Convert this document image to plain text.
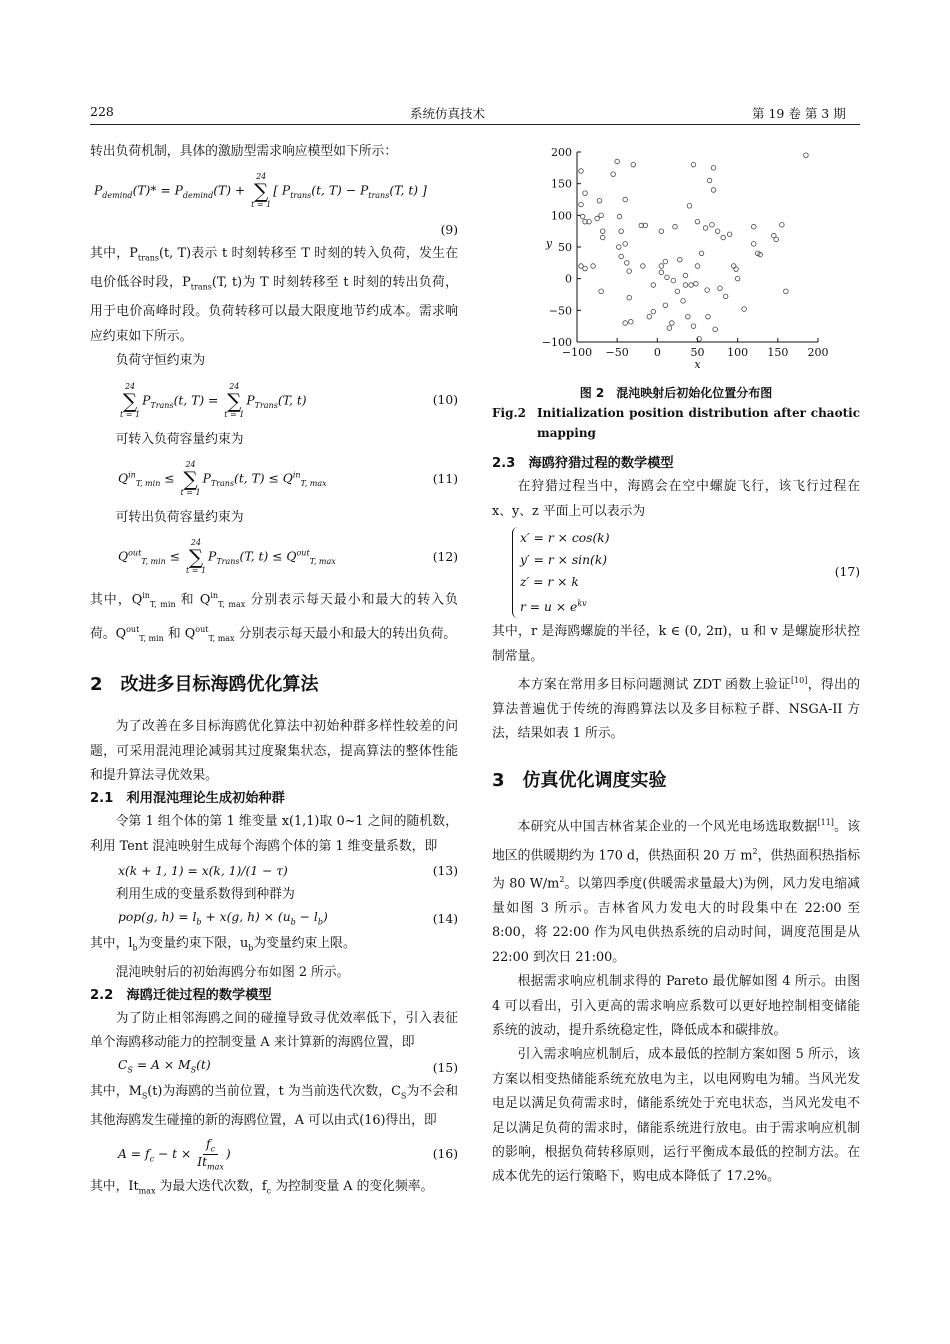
228	系统仿真技术	第 19 卷 第 3 期

转出负荷机制，具体的激励型需求响应模型如下所示：

$P_{demind}(T)* = P_{demind}(T)$ +
24
∑
t = 1
[ $P_{trans}(t$, $T) - P_{trans}(T$, t) ]
(9)

其中，$P_{trans}(t$, T)表示 t 时刻转移至 T 时刻的转入负荷，发生在电价低谷时段，$P_{trans}(T$, t)为 T 时刻转移至 t 时刻的转出负荷，用于电价高峰时段。负荷转移可以最大限度地节约成本。需求响应约束如下所示。

负荷守恒约束为

24
∑
t = 1
$P_{Trans}(t$, T) =
24
∑
t = 1
$P_{Trans}(T$, t)	(10)

可转入负荷容量约束为

$Q^{in}_{T, min}$ ≤
24
∑
t = 1
$P_{Trans}(t$, $T) \le Q^{in}_{T, max}$	(11)

可转出负荷容量约束为

$Q^{out}_{T, min}$ ≤
24
∑
t = 1
$P_{Trans}(T$, $t) \le Q^{out}_{T, max}$	(12)

其中，$Q^{in}_{T, min}$ 和 $Q^{in}_{T, max}$ 分别表示每天最小和最大的转入负荷。$Q^{out}_{T, min}$ 和 $Q^{out}_{T, max}$ 分别表示每天最小和最大的转出负荷。

2　改进多目标海鸥优化算法

为了改善在多目标海鸥优化算法中初始种群多样性较差的问题，可采用混沌理论减弱其过度聚集状态，提高算法的整体性能和提升算法寻优效果。

2.1　利用混沌理论生成初始种群

令第 1 组个体的第 1 维变量 x(1,1)取 0~1 之间的随机数，利用 Tent 混沌映射生成每个海鸥个体的第 1 维变量系数，即

x(k + 1, 1) = x(k, 1)/(1 − τ)	(13)

利用生成的变量系数得到种群为

pop(g, $h) = l_b + x(g$, $h) \times (u_b - l_b)$	(14)

其中，$l_b$为变量约束下限，$u_b$为变量约束上限。

混沌映射后的初始海鸥分布如图 2 所示。

2.2　海鸥迁徙过程的数学模型

为了防止相邻海鸥之间的碰撞导致寻优效率低下，引入表征单个海鸥移动能力的控制变量 A 来计算新的海鸥位置，即

$C_S = A \times M_S(t)$	(15)

其中，$M_S(t)$为海鸥的当前位置，t 为当前迭代次数，$C_S$为不会和其他海鸥发生碰撞的新的海鸥位置，A 可以由式(16)得出，即

$A = f_c - t \times \frac{f_c}{It_{max}}$ )	(16)

其中，$It_{max}$ 为最大迭代次数，$f_c$ 为控制变量 A 的变化频率。

−100 −50 0	50 100 150 200
200
150
100
50
0
−50
−100
x
y
图 2　混沌映射后初始化位置分布图
Fig.2 Initialization position distribution after chaotic
mapping
2.3　海鸥狩猎过程的数学模型

在狩猎过程当中，海鸥会在空中螺旋飞行，该飞行过程在 x、y、z 平面上可以表示为

x′ = r × cos(k)
y′ = r × sin(k)
z′ = r × k
$r = u \times e^{kv}$
(17)

其中，r 是海鸥螺旋的半径，k ∈ (0, 2π)，u 和 v 是螺旋形状控制常量。

本方案在常用多目标问题测试 ZDT 函数上验证[10]，得出的算法普遍优于传统的海鸥算法以及多目标粒子群、NSGA-II 方法，结果如表 1 所示。

3　仿真优化调度实验

本研究从中国吉林省某企业的一个风光电场选取数据[11]。该地区的供暖期约为 170 d，供热面积 20 万 $m^2$，供热面积热指标为 80 $W/m^2$。以第四季度(供暖需求量最大)为例，风力发电缩减量如图 3 所示。吉林省风力发电大的时段集中在 22:00 至 8:00，将 22:00 作为风电供热系统的启动时间，调度范围是从 22:00 到次日 21:00。

根据需求响应机制求得的 Pareto 最优解如图 4 所示。由图 4 可以看出，引入更高的需求响应系数可以更好地控制相变储能系统的波动，提升系统稳定性，降低成本和碳排放。

引入需求响应机制后，成本最低的控制方案如图 5 所示，该方案以相变热储能系统充放电为主，以电网购电为辅。当风光发电足以满足负荷需求时，储能系统处于充电状态，当风光发电不足以满足负荷的需求时，储能系统进行放电。由于需求响应机制的影响，根据负荷转移原则，运行平衡成本最低的控制方法。在成本优先的运行策略下，购电成本降低了 17.2%。
